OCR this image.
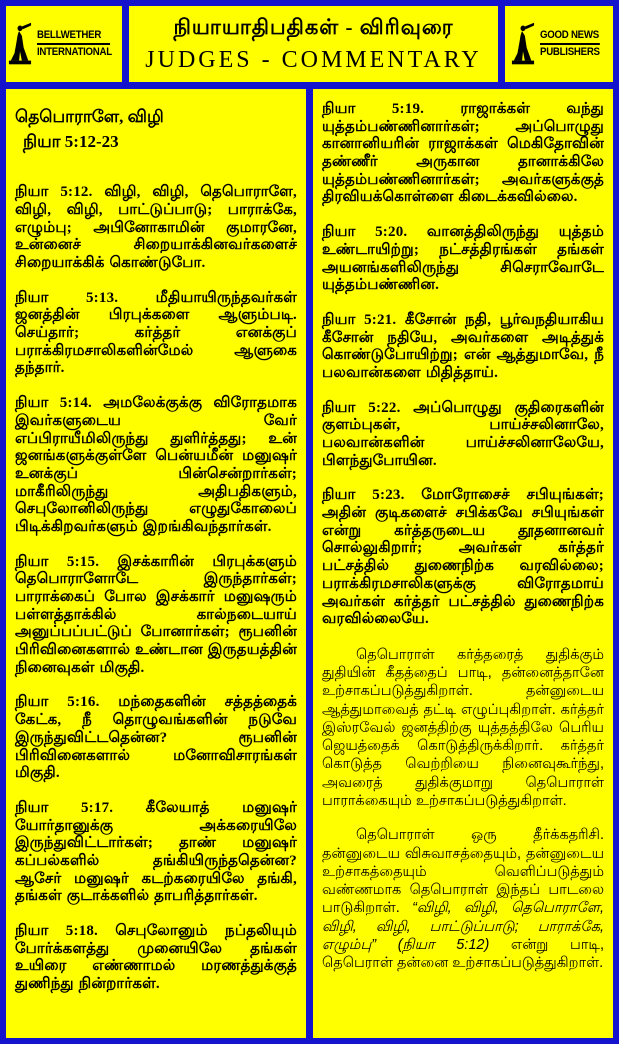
BELLWETHER
INTERNATIONAL
நியாயாதிபதிகள் - விரிவுரை
JUDGES - COMMENTARY
GOOD NEWS
PUBLISHERS
தெபொராளே, விழி
நியா 5:12-23

நியா 5:12. விழி, விழி, தெபொராளே, விழி, விழி, பாட்டுப்பாடு; பாராக்கே, எழும்பு; அபினோகாமின் குமாரனே, உன்னைச் சிறையாக்கினவர்களைச் சிறையாக்கிக் கொண்டுபோ.

நியா 5:13. மீதியாயிருந்தவர்கள் ஜனத்தின் பிரபுக்களை ஆளும்படி. செய்தார்; கர்த்தர் எனக்குப் பராக்கிரமசாலிகளின்மேல் ஆளுகை தந்தார்.

நியா 5:14. அமலேக்குக்கு விரோதமாக இவர்களுடைய வேர் எப்பிராயீமிலிருந்து துளிர்த்தது; உன் ஜனங்களுக்குள்ளே பென்யமீன் மனுஷர் உனக்குப் பின்சென்றார்கள்; மாகீரிலிருந்து அதிபதிகளும், செபுலோனிலிருந்து எழுதுகோலைப் பிடிக்கிறவர்களும் இறங்கிவந்தார்கள்.

நியா 5:15. இசக்காரின் பிரபுக்களும் தெபொராளோடே இருந்தார்கள்; பாராக்கைப் போல இசக்கார் மனுஷரும் பள்ளத்தாக்கில் கால்நடையாய் அனுப்பப்பட்டுப் போனார்கள்; ரூபனின் பிரிவினைகளால் உண்டான இருதயத்தின் நினைவுகள் மிகுதி.

நியா 5:16. மந்தைகளின் சத்தத்தைக் கேட்க, நீ தொழுவங்களின் நடுவே இருந்துவிட்டதென்ன? ரூபனின் பிரிவினைகளால் மனோவிசாரங்கள் மிகுதி.

நியா 5:17. கீலேயாத் மனுஷர் யோர்தானுக்கு அக்கரையிலே இருந்துவிட்டார்கள்; தாண் மனுஷர் கப்பல்களில் தங்கியிருந்ததென்ன? ஆசேர் மனுஷர் கடற்கரையிலே தங்கி, தங்கள் குடாக்களில் தாபரித்தார்கள்.

நியா 5:18. செபுலோனும் நப்தலியும் போர்க்களத்து முனையிலே தங்கள் உயிரை எண்ணாமல் மரணத்துக்குத் துணிந்து நின்றார்கள்.

நியா 5:19. ராஜாக்கள் வந்து யுத்தம்பண்ணினார்கள்; அப்பொழுது கானானியரின் ராஜாக்கள் மெகிதோவின் தண்ணீர் அருகான தானாக்கிலே யுத்தம்பண்ணினார்கள்; அவர்களுக்குத் திரவியக்கொள்ளை கிடைக்கவில்லை.

நியா 5:20. வானத்திலிருந்து யுத்தம் உண்டாயிற்று; நட்சத்திரங்கள் தங்கள் அயனங்களிலிருந்து சிசெராவோடே யுத்தம்பண்ணின.

நியா 5:21. கீசோன் நதி, பூர்வநதியாகிய கீசோன் நதியே, அவர்களை அடித்துக் கொண்டுபோயிற்று; என் ஆத்துமாவே, நீ பலவான்களை மிதித்தாய்.

நியா 5:22. அப்பொழுது குதிரைகளின் குளம்புகள், பாய்ச்சலினாலே, பலவான்களின் பாய்ச்சலினாலேயே, பிளந்துபோயின.

நியா 5:23. மோரோசைச் சபியுங்கள்; அதின் குடிகளைச் சபிக்கவே சபியுங்கள் என்று கர்த்தருடைய தூதனானவர் சொல்லுகிறார்; அவர்கள் கர்த்தர் பட்சத்தில் துணைநிற்க வரவில்லை; பராக்கிரமசாலிகளுக்கு விரோதமாய் அவர்கள் கர்த்தர் பட்சத்தில் துணைநிற்க வரவில்லையே.

தெபொராள் கர்த்தரைத் துதிக்கும் துதியின் கீதத்தைப் பாடி, தன்னைத்தானே உற்சாகப்படுத்துகிறாள். தன்னுடைய ஆத்துமாவைத் தட்டி எழுப்புகிறாள். கர்த்தர் இஸ்ரவேல் ஜனத்திற்கு யுத்தத்திலே பெரிய ஜெயத்தைக் கொடுத்திருக்கிறார். கர்த்தர் கொடுத்த வெற்றியை நினைவுகூர்ந்து, அவரைத் துதிக்குமாறு தெபொராள் பாராக்கையும் உற்சாகப்படுத்துகிறாள்.

தெபொராள் ஒரு தீர்க்கதரிசி. தன்னுடைய விசுவாசத்தையும், தன்னுடைய உற்சாகத்தையும் வெளிப்படுத்தும் வண்ணமாக தெபொராள் இந்தப் பாடலை பாடுகிறாள். “விழி, விழி, தெபொராளே, விழி, விழி, பாட்டுப்பாடு; பாராக்கே, எழும்பு” (நியா 5:12) என்று பாடி, தெபெராள் தன்னை உற்சாகப்படுத்துகிறாள்.
